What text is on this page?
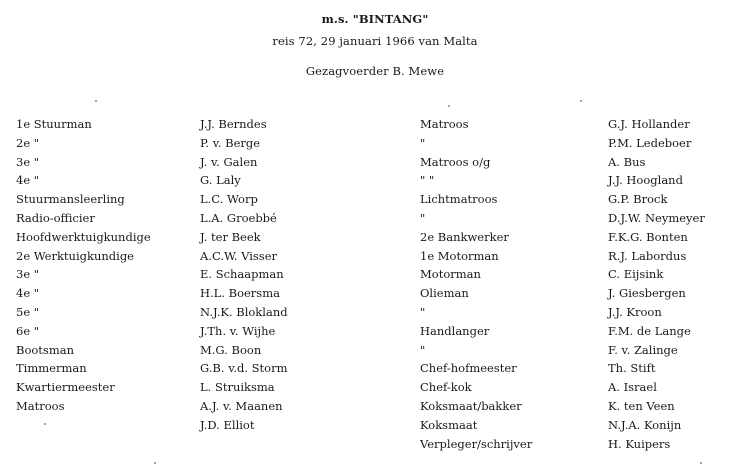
m.s. "BINTANG"
reis 72, 29 januari 1966 van Malta
Gezagvoerder B. Mewe
1e Stuurman
2e "
3e "
4e "
Stuurmansleerling
Radio-officier
Hoofdwerktuigkundige
2e Werktuigkundige
3e "
4e "
5e "
6e "
Bootsman
Timmerman
Kwartiermeester
Matroos
J.J. Berndes
P. v. Berge
J. v. Galen
G. Laly
L.C. Worp
L.A. Groebbé
J. ter Beek
A.C.W. Visser
E. Schaapman
H.L. Boersma
N.J.K. Blokland
J.Th. v. Wijhe
M.G. Boon
G.B. v.d. Storm
L. Struiksma
A.J. v. Maanen
J.D. Elliot
Matroos
"
Matroos o/g
" "
Lichtmatroos
"
2e Bankwerker
1e Motorman
Motorman
Olieman
"
Handlanger
"
Chef-hofmeester
Chef-kok
Koksmaat/bakker
Koksmaat
Verpleger/schrijver
G.J. Hollander
P.M. Ledeboer
A. Bus
J.J. Hoogland
G.P. Brock
D.J.W. Neymeyer
F.K.G. Bonten
R.J. Labordus
C. Eijsink
J. Giesbergen
J.J. Kroon
F.M. de Lange
F. v. Zalinge
Th. Stift
A. Israel
K. ten Veen
N.J.A. Konijn
H. Kuipers
